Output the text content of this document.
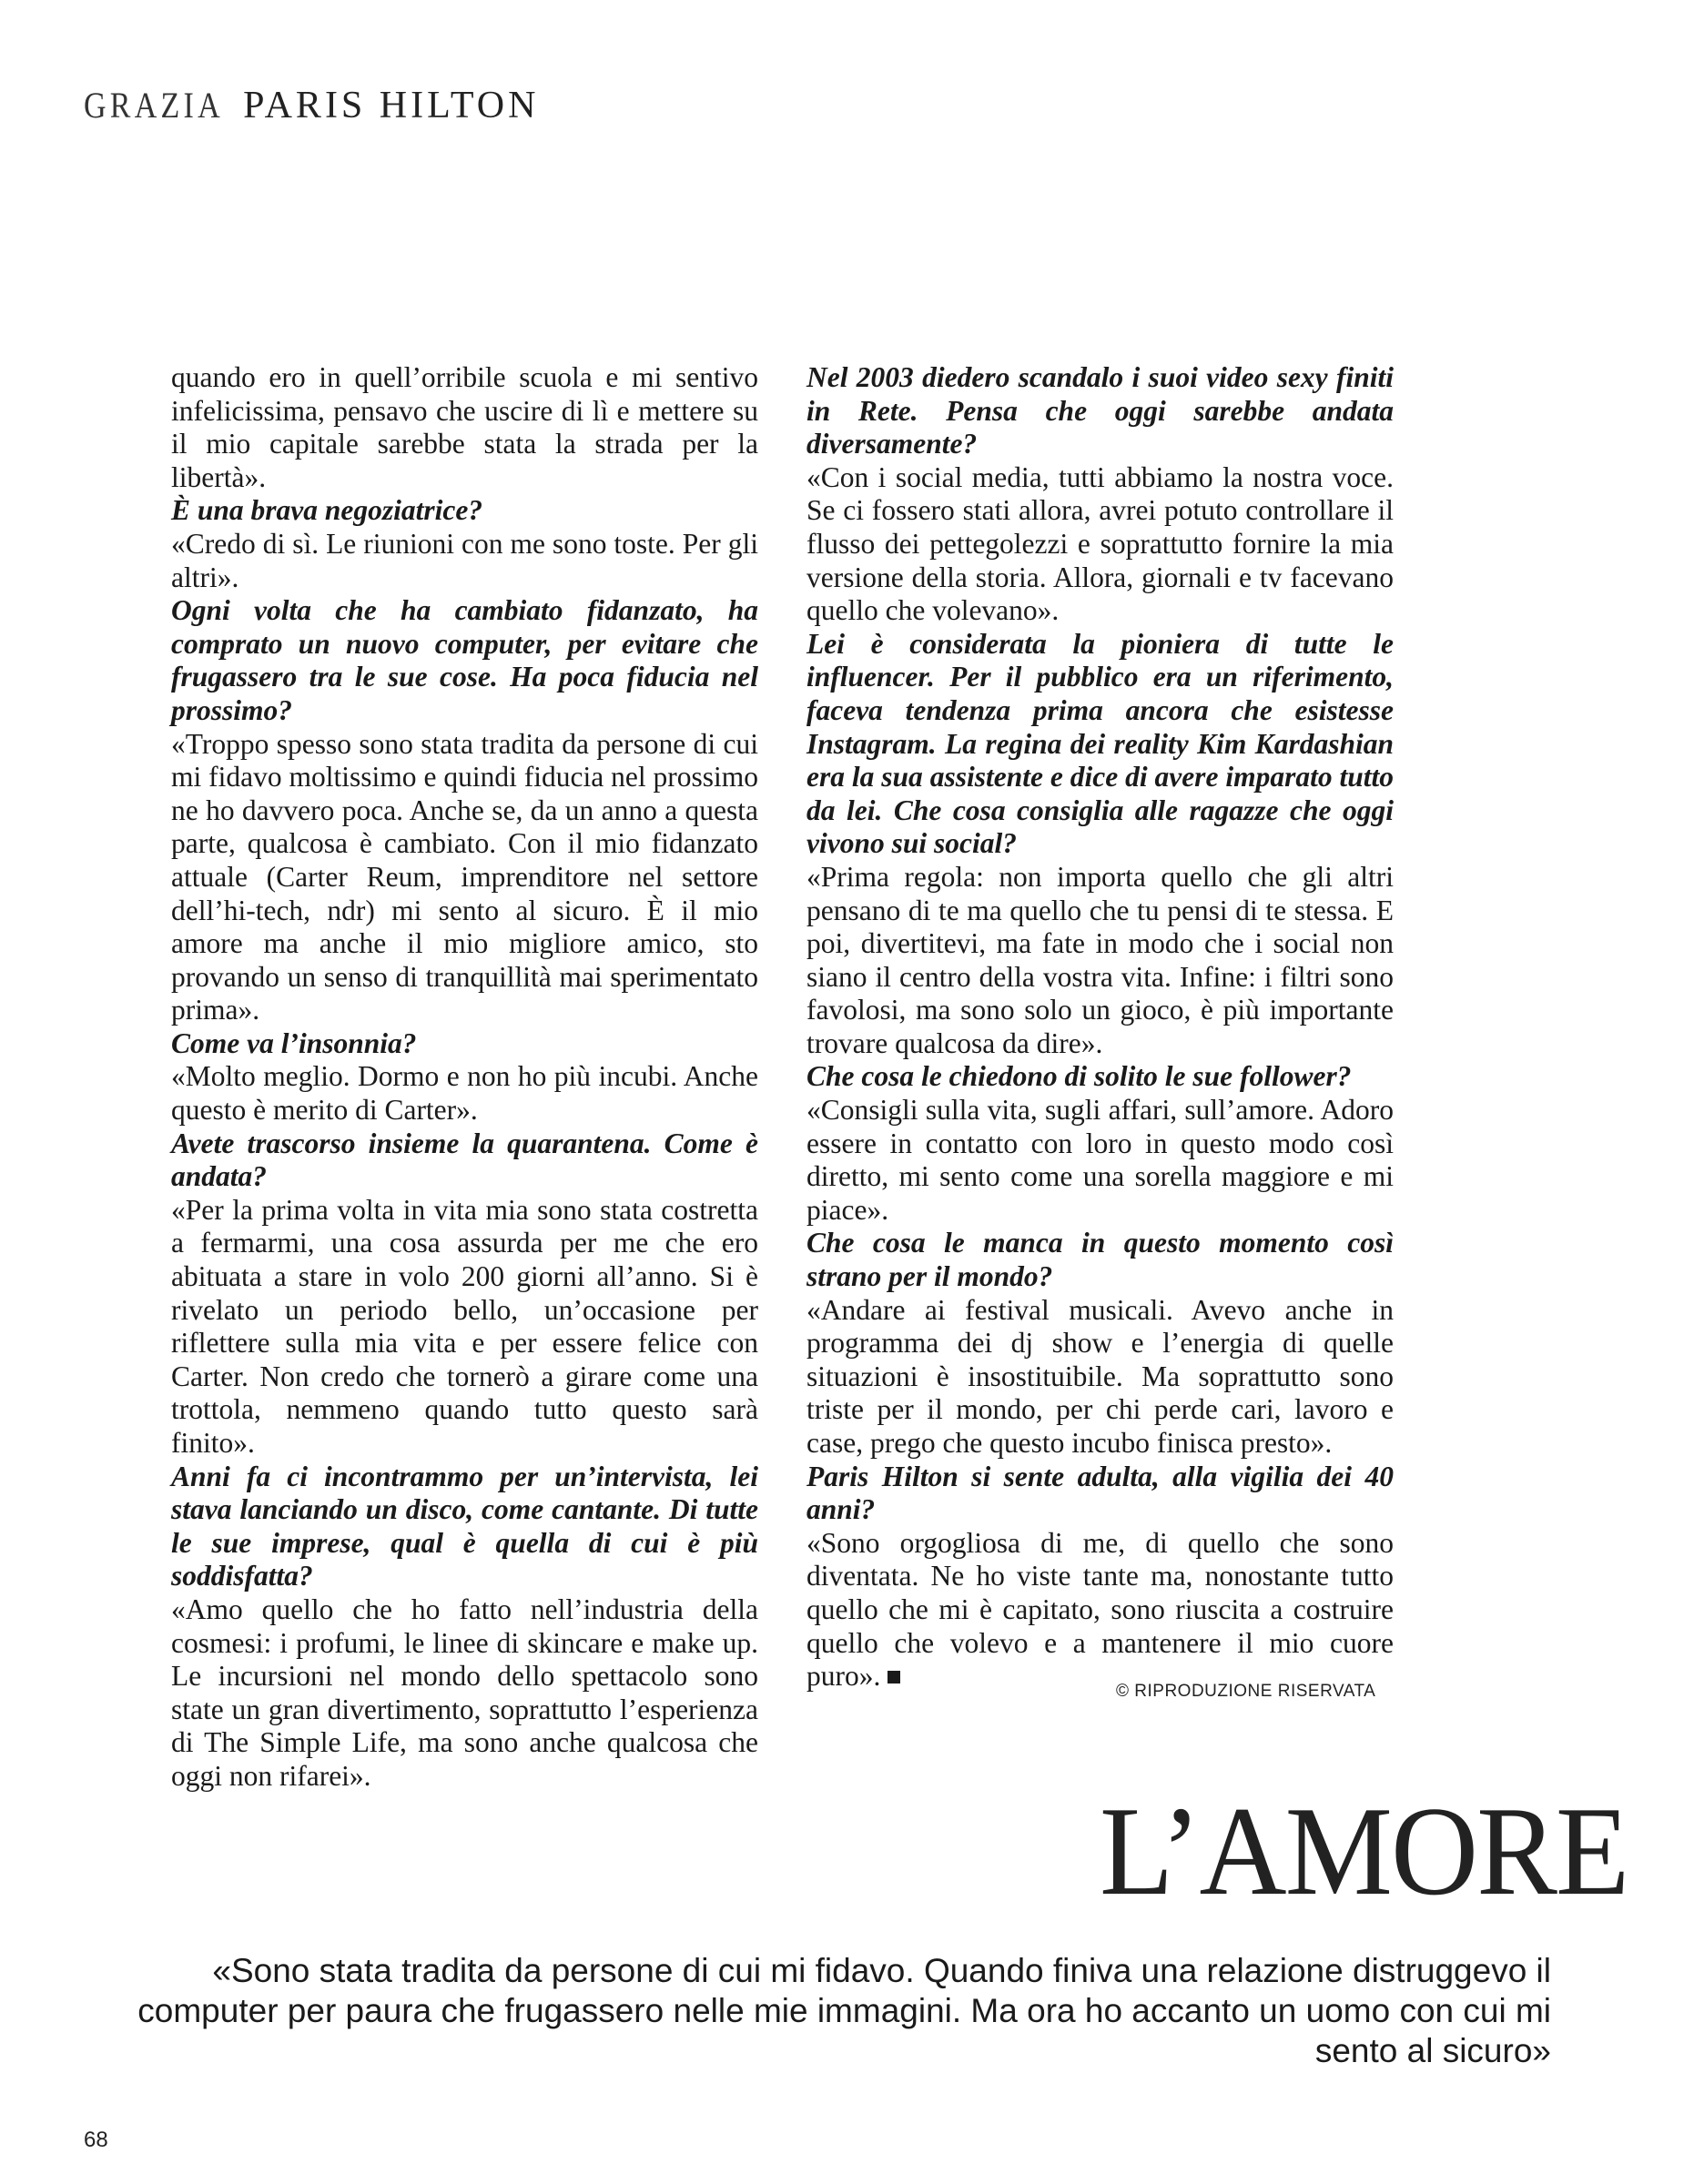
GRAZIA PARIS HILTON

quando ero in quell’orribile scuola e mi sentivo infelicissima, pensavo che uscire di lì e mettere su il mio capitale sarebbe stata la strada per la libertà».

È una brava negoziatrice?

«Credo di sì. Le riunioni con me sono toste. Per gli altri».

Ogni volta che ha cambiato fidanzato, ha comprato un nuovo computer, per evitare che frugassero tra le sue cose. Ha poca fiducia nel prossimo?

«Troppo spesso sono stata tradita da persone di cui mi fidavo moltissimo e quindi fiducia nel prossimo ne ho davvero poca. Anche se, da un anno a questa parte, qualcosa è cambiato. Con il mio fidanzato attuale (Carter Reum, imprenditore nel settore dell’hi-tech, ndr) mi sento al sicuro. È il mio amore ma anche il mio migliore amico, sto provando un senso di tranquillità mai sperimentato prima».

Come va l’insonnia?

«Molto meglio. Dormo e non ho più incubi. Anche questo è merito di Carter».

Avete trascorso insieme la quarantena. Come è andata?

«Per la prima volta in vita mia sono stata costretta a fermarmi, una cosa assurda per me che ero abituata a stare in volo 200 giorni all’anno. Si è rivelato un periodo bello, un’occasione per riflettere sulla mia vita e per essere felice con Carter. Non credo che tornerò a girare come una trottola, nemmeno quando tutto questo sarà finito».

Anni fa ci incontrammo per un’intervista, lei stava lanciando un disco, come cantante. Di tutte le sue imprese, qual è quella di cui è più soddisfatta?

«Amo quello che ho fatto nell’industria della cosmesi: i profumi, le linee di skincare e make up. Le incursioni nel mondo dello spettacolo sono state un gran divertimento, soprattutto l’esperienza di The Simple Life, ma sono anche qualcosa che oggi non rifarei».

Nel 2003 diedero scandalo i suoi video sexy finiti in Rete. Pensa che oggi sarebbe andata diversamente?

«Con i social media, tutti abbiamo la nostra voce. Se ci fossero stati allora, avrei potuto controllare il flusso dei pettegolezzi e soprattutto fornire la mia versione della storia. Allora, giornali e tv facevano quello che volevano».

Lei è considerata la pioniera di tutte le influencer. Per il pubblico era un riferimento, faceva tendenza prima ancora che esistesse Instagram. La regina dei reality Kim Kardashian era la sua assistente e dice di avere imparato tutto da lei. Che cosa consiglia alle ragazze che oggi vivono sui social?

«Prima regola: non importa quello che gli altri pensano di te ma quello che tu pensi di te stessa. E poi, divertitevi, ma fate in modo che i social non siano il centro della vostra vita. Infine: i filtri sono favolosi, ma sono solo un gioco, è più importante trovare qualcosa da dire».

Che cosa le chiedono di solito le sue follower?

«Consigli sulla vita, sugli affari, sull’amore. Adoro essere in contatto con loro in questo modo così diretto, mi sento come una sorella maggiore e mi piace».

Che cosa le manca in questo momento così strano per il mondo?

«Andare ai festival musicali. Avevo anche in programma dei dj show e l’energia di quelle situazioni è insostituibile. Ma soprattutto sono triste per il mondo, per chi perde cari, lavoro e case, prego che questo incubo finisca presto».

Paris Hilton si sente adulta, alla vigilia dei 40 anni?

«Sono orgogliosa di me, di quello che sono diventata. Ne ho viste tante ma, nonostante tutto quello che mi è capitato, sono riuscita a costruire quello che volevo e a mantenere il mio cuore puro».	© RIPRODUZIONE RISERVATA
L’AMORE
«Sono stata tradita da persone di cui mi fidavo. Quando finiva una relazione distruggevo il computer per paura che frugassero nelle mie immagini. Ma ora ho accanto un uomo con cui mi sento al sicuro»
68
